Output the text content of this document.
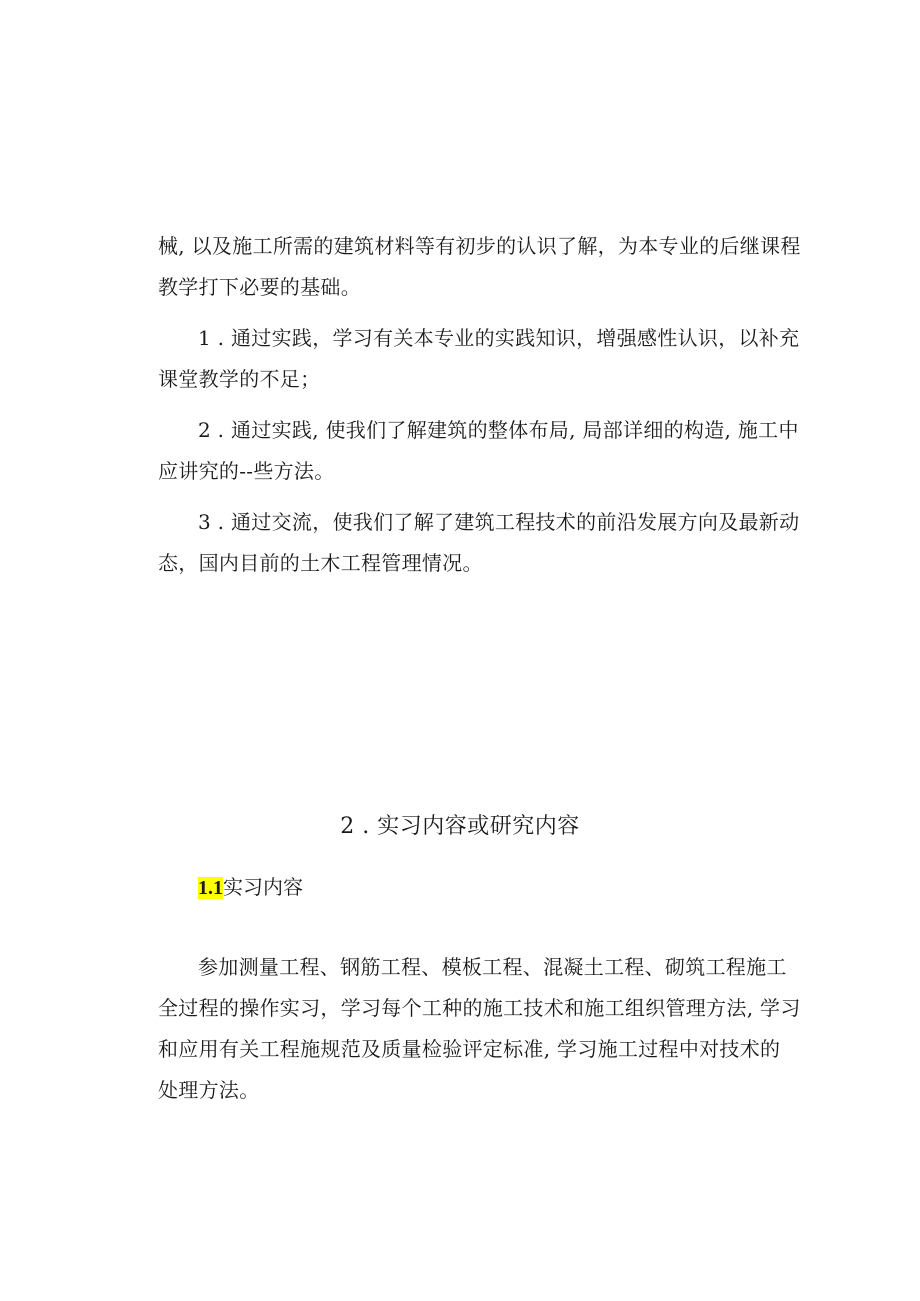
械, 以及施工所需的建筑材料等有初步的认识了解，为本专业的后继课程
教学打下必要的基础。
1 . 通过实践，学习有关本专业的实践知识，增强感性认识，以补充
课堂教学的不足；
2 . 通过实践, 使我们了解建筑的整体布局, 局部详细的构造, 施工中
应讲究的--些方法。
3 . 通过交流，使我们了解了建筑工程技术的前沿发展方向及最新动
态，国内目前的土木工程管理情况。
2 . 实习内容或研究内容
1.1实习内容
参加测量工程、钢筋工程、模板工程、混凝土工程、砌筑工程施工
全过程的操作实习，学习每个工种的施工技术和施工组织管理方法, 学习
和应用有关工程施规范及质量检验评定标准, 学习施工过程中对技术的
处理方法。
